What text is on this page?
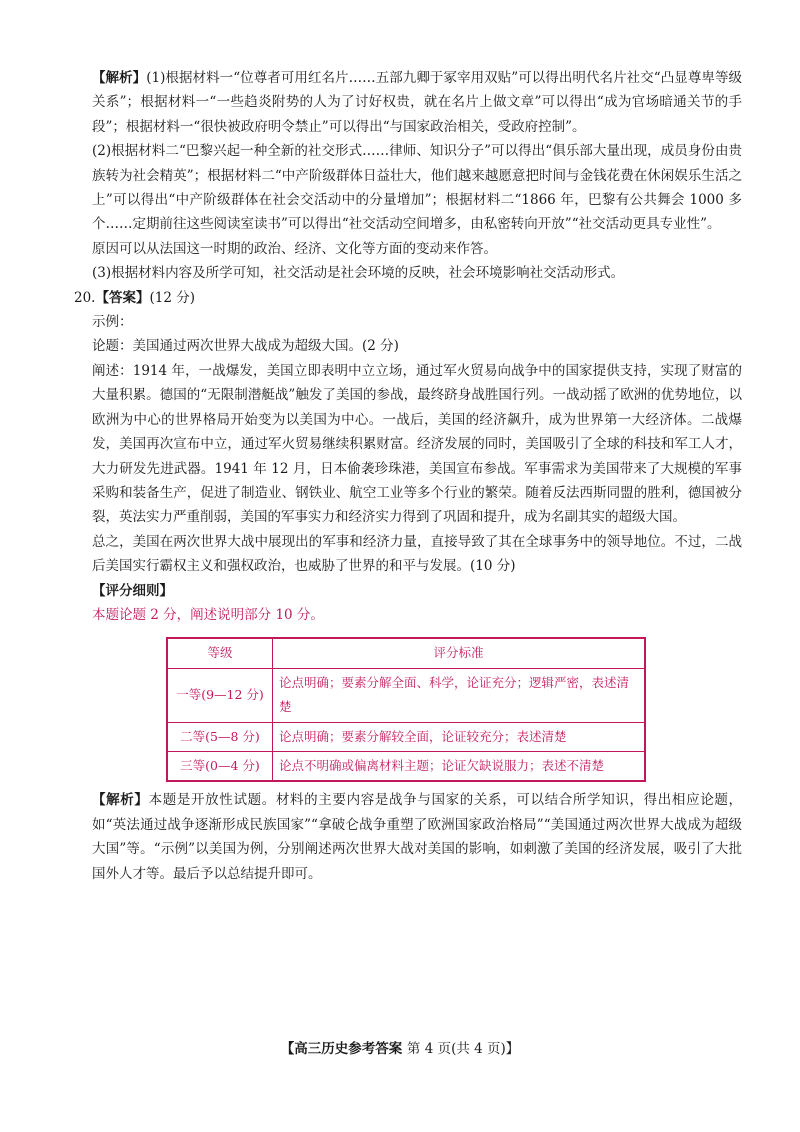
【解析】(1)根据材料一“位尊者可用红名片……五部九卿于冢宰用双贴”可以得出明代名片社交“凸显尊卑等级关系”；根据材料一“一些趋炎附势的人为了讨好权贵，就在名片上做文章”可以得出“成为官场暗通关节的手段”；根据材料一“很快被政府明令禁止”可以得出“与国家政治相关，受政府控制”。

(2)根据材料二“巴黎兴起一种全新的社交形式……律师、知识分子”可以得出“俱乐部大量出现，成员身份由贵族转为社会精英”；根据材料二“中产阶级群体日益壮大，他们越来越愿意把时间与金钱花费在休闲娱乐生活之上”可以得出“中产阶级群体在社会交活动中的分量增加”；根据材料二“1866 年，巴黎有公共舞会 1000 多个……定期前往这些阅读室读书”可以得出“社交活动空间增多，由私密转向开放”“社交活动更具专业性”。

原因可以从法国这一时期的政治、经济、文化等方面的变动来作答。

(3)根据材料内容及所学可知，社交活动是社会环境的反映，社会环境影响社交活动形式。

20.【答案】(12 分)

示例：

论题：美国通过两次世界大战成为超级大国。(2 分)

阐述：1914 年，一战爆发，美国立即表明中立立场，通过军火贸易向战争中的国家提供支持，实现了财富的大量积累。德国的“无限制潜艇战”触发了美国的参战，最终跻身战胜国行列。一战动摇了欧洲的优势地位，以欧洲为中心的世界格局开始变为以美国为中心。一战后，美国的经济飙升，成为世界第一大经济体。二战爆发，美国再次宣布中立，通过军火贸易继续积累财富。经济发展的同时，美国吸引了全球的科技和军工人才，大力研发先进武器。1941 年 12 月，日本偷袭珍珠港，美国宣布参战。军事需求为美国带来了大规模的军事采购和装备生产，促进了制造业、钢铁业、航空工业等多个行业的繁荣。随着反法西斯同盟的胜利，德国被分裂，英法实力严重削弱，美国的军事实力和经济实力得到了巩固和提升，成为名副其实的超级大国。

总之，美国在两次世界大战中展现出的军事和经济力量，直接导致了其在全球事务中的领导地位。不过，二战后美国实行霸权主义和强权政治，也威胁了世界的和平与发展。(10 分)

【评分细则】

本题论题 2 分，阐述说明部分 10 分。

等级	评分标准
一等(9—12 分)	论点明确；要素分解全面、科学，论证充分；逻辑严密，表述清楚
二等(5—8 分)	论点明确；要素分解较全面，论证较充分；表述清楚
三等(0—4 分)	论点不明确或偏离材料主题；论证欠缺说服力；表述不清楚

【解析】本题是开放性试题。材料的主要内容是战争与国家的关系，可以结合所学知识，得出相应论题，如“英法通过战争逐渐形成民族国家”“拿破仑战争重塑了欧洲国家政治格局”“美国通过两次世界大战成为超级大国”等。“示例”以美国为例，分别阐述两次世界大战对美国的影响，如刺激了美国的经济发展，吸引了大批国外人才等。最后予以总结提升即可。

【高三历史参考答案 第 4 页(共 4 页)】
